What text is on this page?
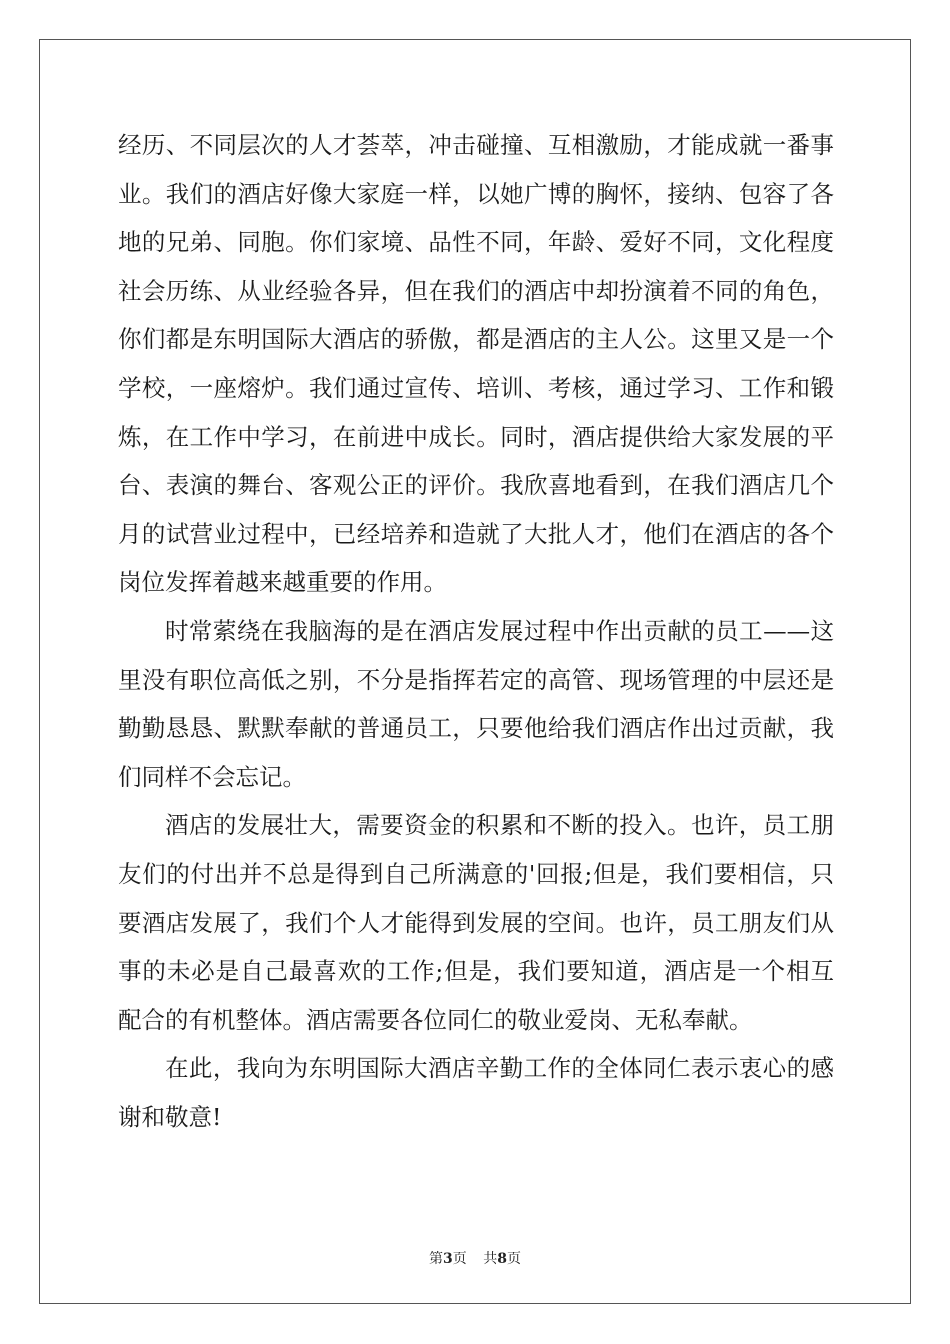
经历、不同层次的人才荟萃，冲击碰撞、互相激励，才能成就一番事
业。我们的酒店好像大家庭一样，以她广博的胸怀，接纳、包容了各
地的兄弟、同胞。你们家境、品性不同，年龄、爱好不同，文化程度
社会历练、从业经验各异，但在我们的酒店中却扮演着不同的角色，
你们都是东明国际大酒店的骄傲，都是酒店的主人公。这里又是一个
学校，一座熔炉。我们通过宣传、培训、考核，通过学习、工作和锻
炼，在工作中学习，在前进中成长。同时，酒店提供给大家发展的平
台、表演的舞台、客观公正的评价。我欣喜地看到，在我们酒店几个
月的试营业过程中，已经培养和造就了大批人才，他们在酒店的各个
岗位发挥着越来越重要的作用。
时常萦绕在我脑海的是在酒店发展过程中作出贡献的员工——这
里没有职位高低之别，不分是指挥若定的高管、现场管理的中层还是
勤勤恳恳、默默奉献的普通员工，只要他给我们酒店作出过贡献，我
们同样不会忘记。
酒店的发展壮大，需要资金的积累和不断的投入。也许，员工朋
友们的付出并不总是得到自己所满意的'回报;但是，我们要相信，只
要酒店发展了，我们个人才能得到发展的空间。也许，员工朋友们从
事的未必是自己最喜欢的工作;但是，我们要知道，酒店是一个相互
配合的有机整体。酒店需要各位同仁的敬业爱岗、无私奉献。
在此，我向为东明国际大酒店辛勤工作的全体同仁表示衷心的感
谢和敬意!
第3页 共8页
